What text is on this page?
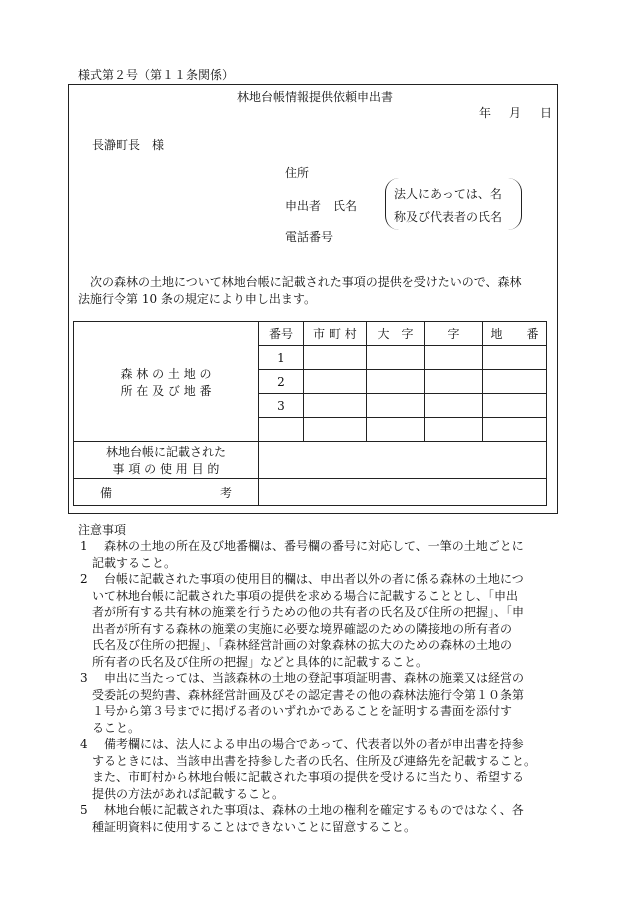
様式第２号（第１１条関係）
林地台帳情報提供依頼申出書
年 月 日
長瀞町長　様
住所
申出者　氏名
法人にあっては、名
称及び代表者の氏名
電話番号
　次の森林の土地について林地台帳に記載された事項の提供を受けたいので、森林
法施行令第 10 条の規定により申し出ます。
森 林 の 土 地 の
所 在 及 び 地 番	番号	市 町 村	大　字	字	地　　番
	1				
	2				
	3				

林地台帳に記載された
事 項 の 使 用 目 的					

備　　　　　　　　　考					
注意事項
1 森林の土地の所在及び地番欄は、番号欄の番号に対応して、一筆の土地ごとに
記載すること。
2 台帳に記載された事項の使用目的欄は、申出者以外の者に係る森林の土地につ
いて林地台帳に記載された事項の提供を求める場合に記載することとし、「申出
者が所有する共有林の施業を行うための他の共有者の氏名及び住所の把握」、「申
出者が所有する森林の施業の実施に必要な境界確認のための隣接地の所有者の
氏名及び住所の把握」、「森林経営計画の対象森林の拡大のための森林の土地の
所有者の氏名及び住所の把握」などと具体的に記載すること。
3 申出に当たっては、当該森林の土地の登記事項証明書、森林の施業又は経営の
受委託の契約書、森林経営計画及びその認定書その他の森林法施行令第１０条第
１号から第３号までに掲げる者のいずれかであることを証明する書面を添付す
ること。
4 備考欄には、法人による申出の場合であって、代表者以外の者が申出書を持参
するときには、当該申出書を持参した者の氏名、住所及び連絡先を記載すること。
また、市町村から林地台帳に記載された事項の提供を受けるに当たり、希望する
提供の方法があれば記載すること。
5 林地台帳に記載された事項は、森林の土地の権利を確定するものではなく、各
種証明資料に使用することはできないことに留意すること。
